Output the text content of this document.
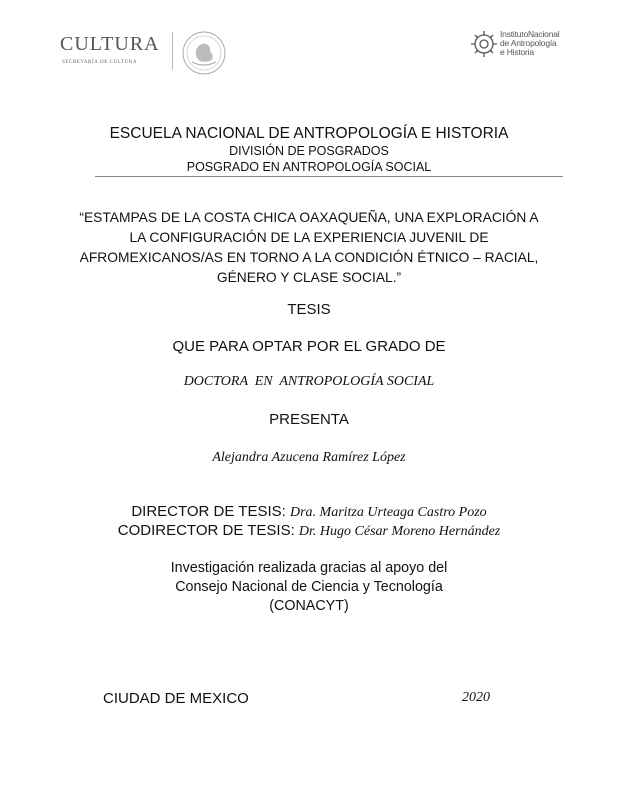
CULTURA
SECRETARÍA DE CULTURA
InstitutoNacional
de Antropología
e Historia
ESCUELA NACIONAL DE ANTROPOLOGÍA E HISTORIA
DIVISIÓN DE POSGRADOS
POSGRADO EN ANTROPOLOGÍA SOCIAL
“ESTAMPAS DE LA COSTA CHICA OAXAQUEÑA, UNA EXPLORACIÓN A
LA CONFIGURACIÓN DE LA EXPERIENCIA JUVENIL DE
AFROMEXICANOS/AS EN TORNO A LA CONDICIÓN ÉTNICO – RACIAL,
GÉNERO Y CLASE SOCIAL.”
TESIS
QUE PARA OPTAR POR EL GRADO DE
DOCTORA  EN  ANTROPOLOGÍA SOCIAL
PRESENTA
Alejandra Azucena Ramírez López
DIRECTOR DE TESIS: Dra. Maritza Urteaga Castro Pozo
CODIRECTOR DE TESIS: Dr. Hugo César Moreno Hernández
Investigación realizada gracias al apoyo del
Consejo Nacional de Ciencia y Tecnología
(CONACYT)
CIUDAD DE MEXICO	2020
